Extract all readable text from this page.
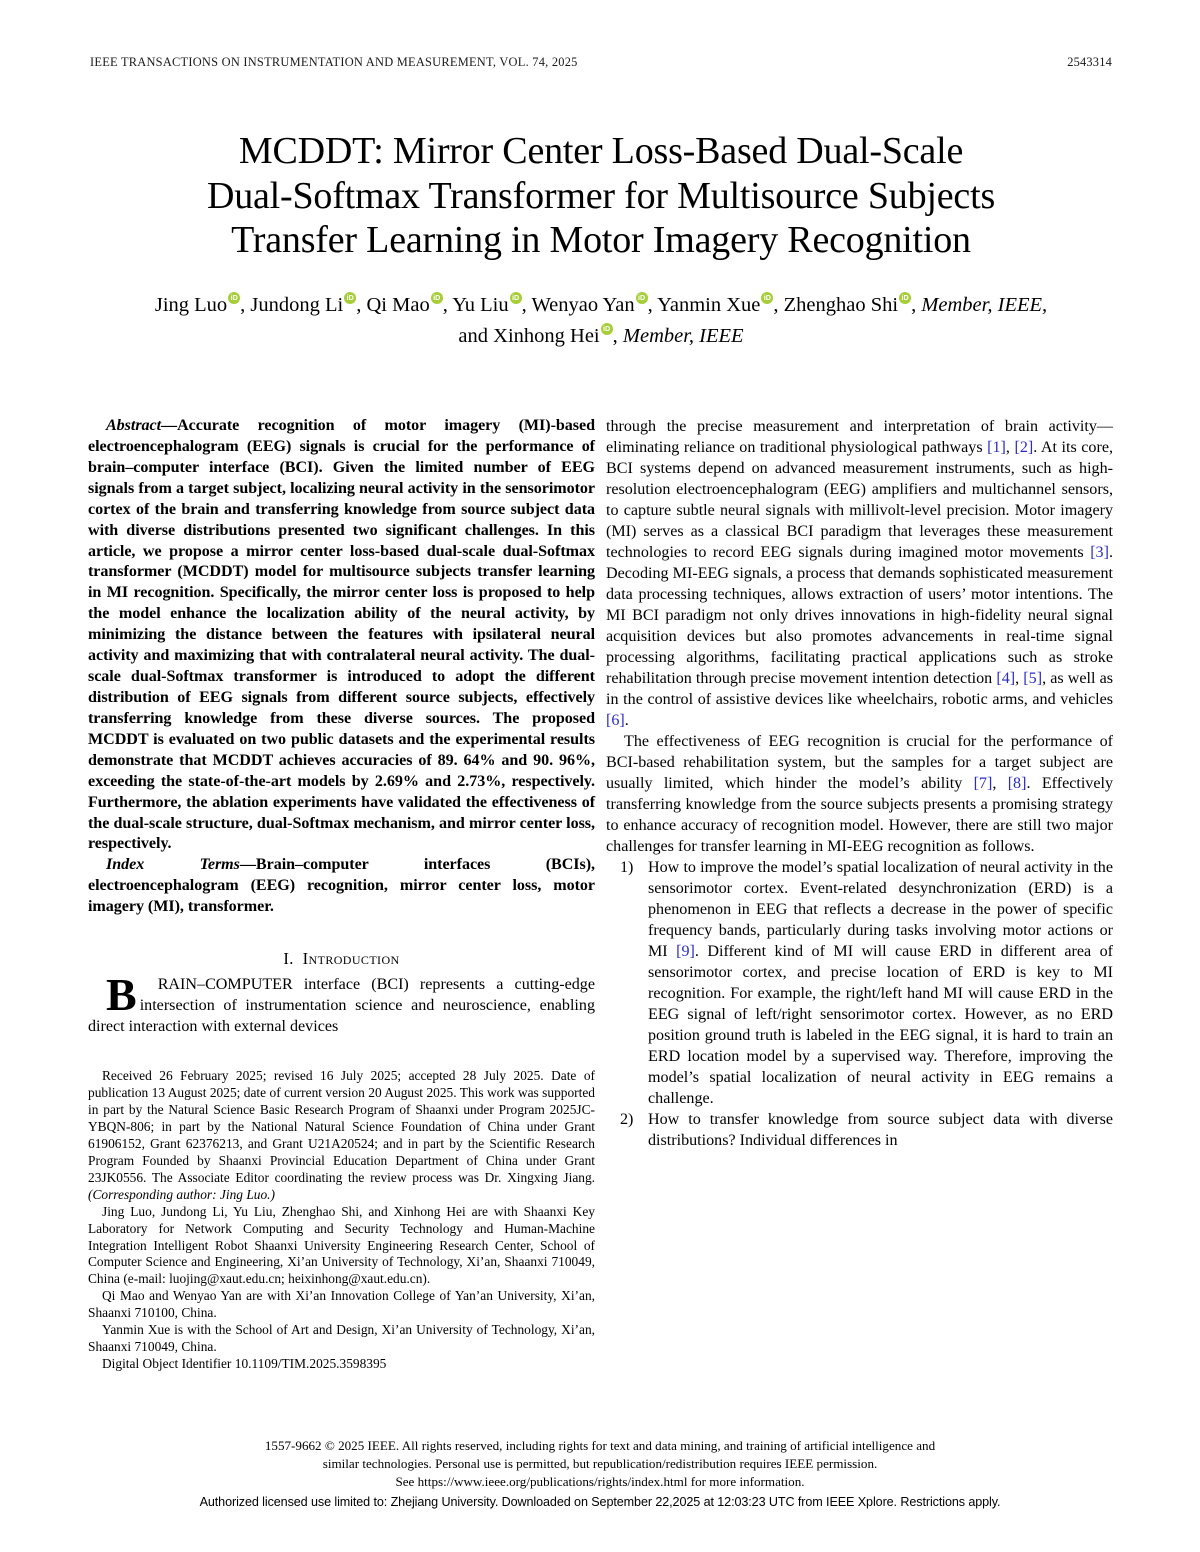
IEEE TRANSACTIONS ON INSTRUMENTATION AND MEASUREMENT, VOL. 74, 2025	2543314
MCDDT: Mirror Center Loss-Based Dual-Scale
Dual-Softmax Transformer for Multisource Subjects
Transfer Learning in Motor Imagery Recognition
Jing Luo , Jundong Li , Qi Mao , Yu Liu , Wenyao Yan , Yanmin Xue , Zhenghao Shi , Member, IEEE,
and Xinhong Hei , Member, IEEE

Abstract—Accurate recognition of motor imagery (MI)-based electroencephalogram (EEG) signals is crucial for the performance of brain–computer interface (BCI). Given the limited number of EEG signals from a target subject, localizing neural activity in the sensorimotor cortex of the brain and transferring knowledge from source subject data with diverse distributions presented two significant challenges. In this article, we propose a mirror center loss-based dual-scale dual-Softmax transformer (MCDDT) model for multisource subjects transfer learning in MI recognition. Specifically, the mirror center loss is proposed to help the model enhance the localization ability of the neural activity, by minimizing the distance between the features with ipsilateral neural activity and maximizing that with contralateral neural activity. The dual-scale dual-Softmax transformer is introduced to adopt the different distribution of EEG signals from different source subjects, effectively transferring knowledge from these diverse sources. The proposed MCDDT is evaluated on two public datasets and the experimental results demonstrate that MCDDT achieves accuracies of 89. 64% and 90. 96%, exceeding the state-of-the-art models by 2.69% and 2.73%, respectively. Furthermore, the ablation experiments have validated the effectiveness of the dual-scale structure, dual-Softmax mechanism, and mirror center loss, respectively.

Index Terms—Brain–computer interfaces (BCIs), electroencephalogram (EEG) recognition, mirror center loss, motor imagery (MI), transformer.

I. Introduction

B RAIN–COMPUTER interface (BCI) represents a cutting-edge intersection of instrumentation science and neuroscience, enabling direct interaction with external devices

Received 26 February 2025; revised 16 July 2025; accepted 28 July 2025. Date of publication 13 August 2025; date of current version 20 August 2025. This work was supported in part by the Natural Science Basic Research Program of Shaanxi under Program 2025JC-YBQN-806; in part by the National Natural Science Foundation of China under Grant 61906152, Grant 62376213, and Grant U21A20524; and in part by the Scientific Research Program Founded by Shaanxi Provincial Education Department of China under Grant 23JK0556. The Associate Editor coordinating the review process was Dr. Xingxing Jiang. (Corresponding author: Jing Luo.)

Jing Luo, Jundong Li, Yu Liu, Zhenghao Shi, and Xinhong Hei are with Shaanxi Key Laboratory for Network Computing and Security Technology and Human-Machine Integration Intelligent Robot Shaanxi University Engineering Research Center, School of Computer Science and Engineering, Xi’an University of Technology, Xi’an, Shaanxi 710049, China (e-mail: luojing@xaut.edu.cn; heixinhong@xaut.edu.cn).

Qi Mao and Wenyao Yan are with Xi’an Innovation College of Yan’an University, Xi’an, Shaanxi 710100, China.

Yanmin Xue is with the School of Art and Design, Xi’an University of Technology, Xi’an, Shaanxi 710049, China.

Digital Object Identifier 10.1109/TIM.2025.3598395

through the precise measurement and interpretation of brain activity—eliminating reliance on traditional physiological pathways [1], [2]. At its core, BCI systems depend on advanced measurement instruments, such as high-resolution electroencephalogram (EEG) amplifiers and multichannel sensors, to capture subtle neural signals with millivolt-level precision. Motor imagery (MI) serves as a classical BCI paradigm that leverages these measurement technologies to record EEG signals during imagined motor movements [3]. Decoding MI-EEG signals, a process that demands sophisticated measurement data processing techniques, allows extraction of users’ motor intentions. The MI BCI paradigm not only drives innovations in high-fidelity neural signal acquisition devices but also promotes advancements in real-time signal processing algorithms, facilitating practical applications such as stroke rehabilitation through precise movement intention detection [4], [5], as well as in the control of assistive devices like wheelchairs, robotic arms, and vehicles [6].

The effectiveness of EEG recognition is crucial for the performance of BCI-based rehabilitation system, but the samples for a target subject are usually limited, which hinder the model’s ability [7], [8]. Effectively transferring knowledge from the source subjects presents a promising strategy to enhance accuracy of recognition model. However, there are still two major challenges for transfer learning in MI-EEG recognition as follows.

How to improve the model’s spatial localization of neural activity in the sensorimotor cortex. Event-related desynchronization (ERD) is a phenomenon in EEG that reflects a decrease in the power of specific frequency bands, particularly during tasks involving motor actions or MI [9]. Different kind of MI will cause ERD in different area of sensorimotor cortex, and precise location of ERD is key to MI recognition. For example, the right/left hand MI will cause ERD in the EEG signal of left/right sensorimotor cortex. However, as no ERD position ground truth is labeled in the EEG signal, it is hard to train an ERD location model by a supervised way. Therefore, improving the model’s spatial localization of neural activity in EEG remains a challenge.
How to transfer knowledge from source subject data with diverse distributions? Individual differences in
1557-9662 © 2025 IEEE. All rights reserved, including rights for text and data mining, and training of artificial intelligence and
similar technologies. Personal use is permitted, but republication/redistribution requires IEEE permission.
See https://www.ieee.org/publications/rights/index.html for more information.
Authorized licensed use limited to: Zhejiang University. Downloaded on September 22,2025 at 12:03:23 UTC from IEEE Xplore. Restrictions apply.
